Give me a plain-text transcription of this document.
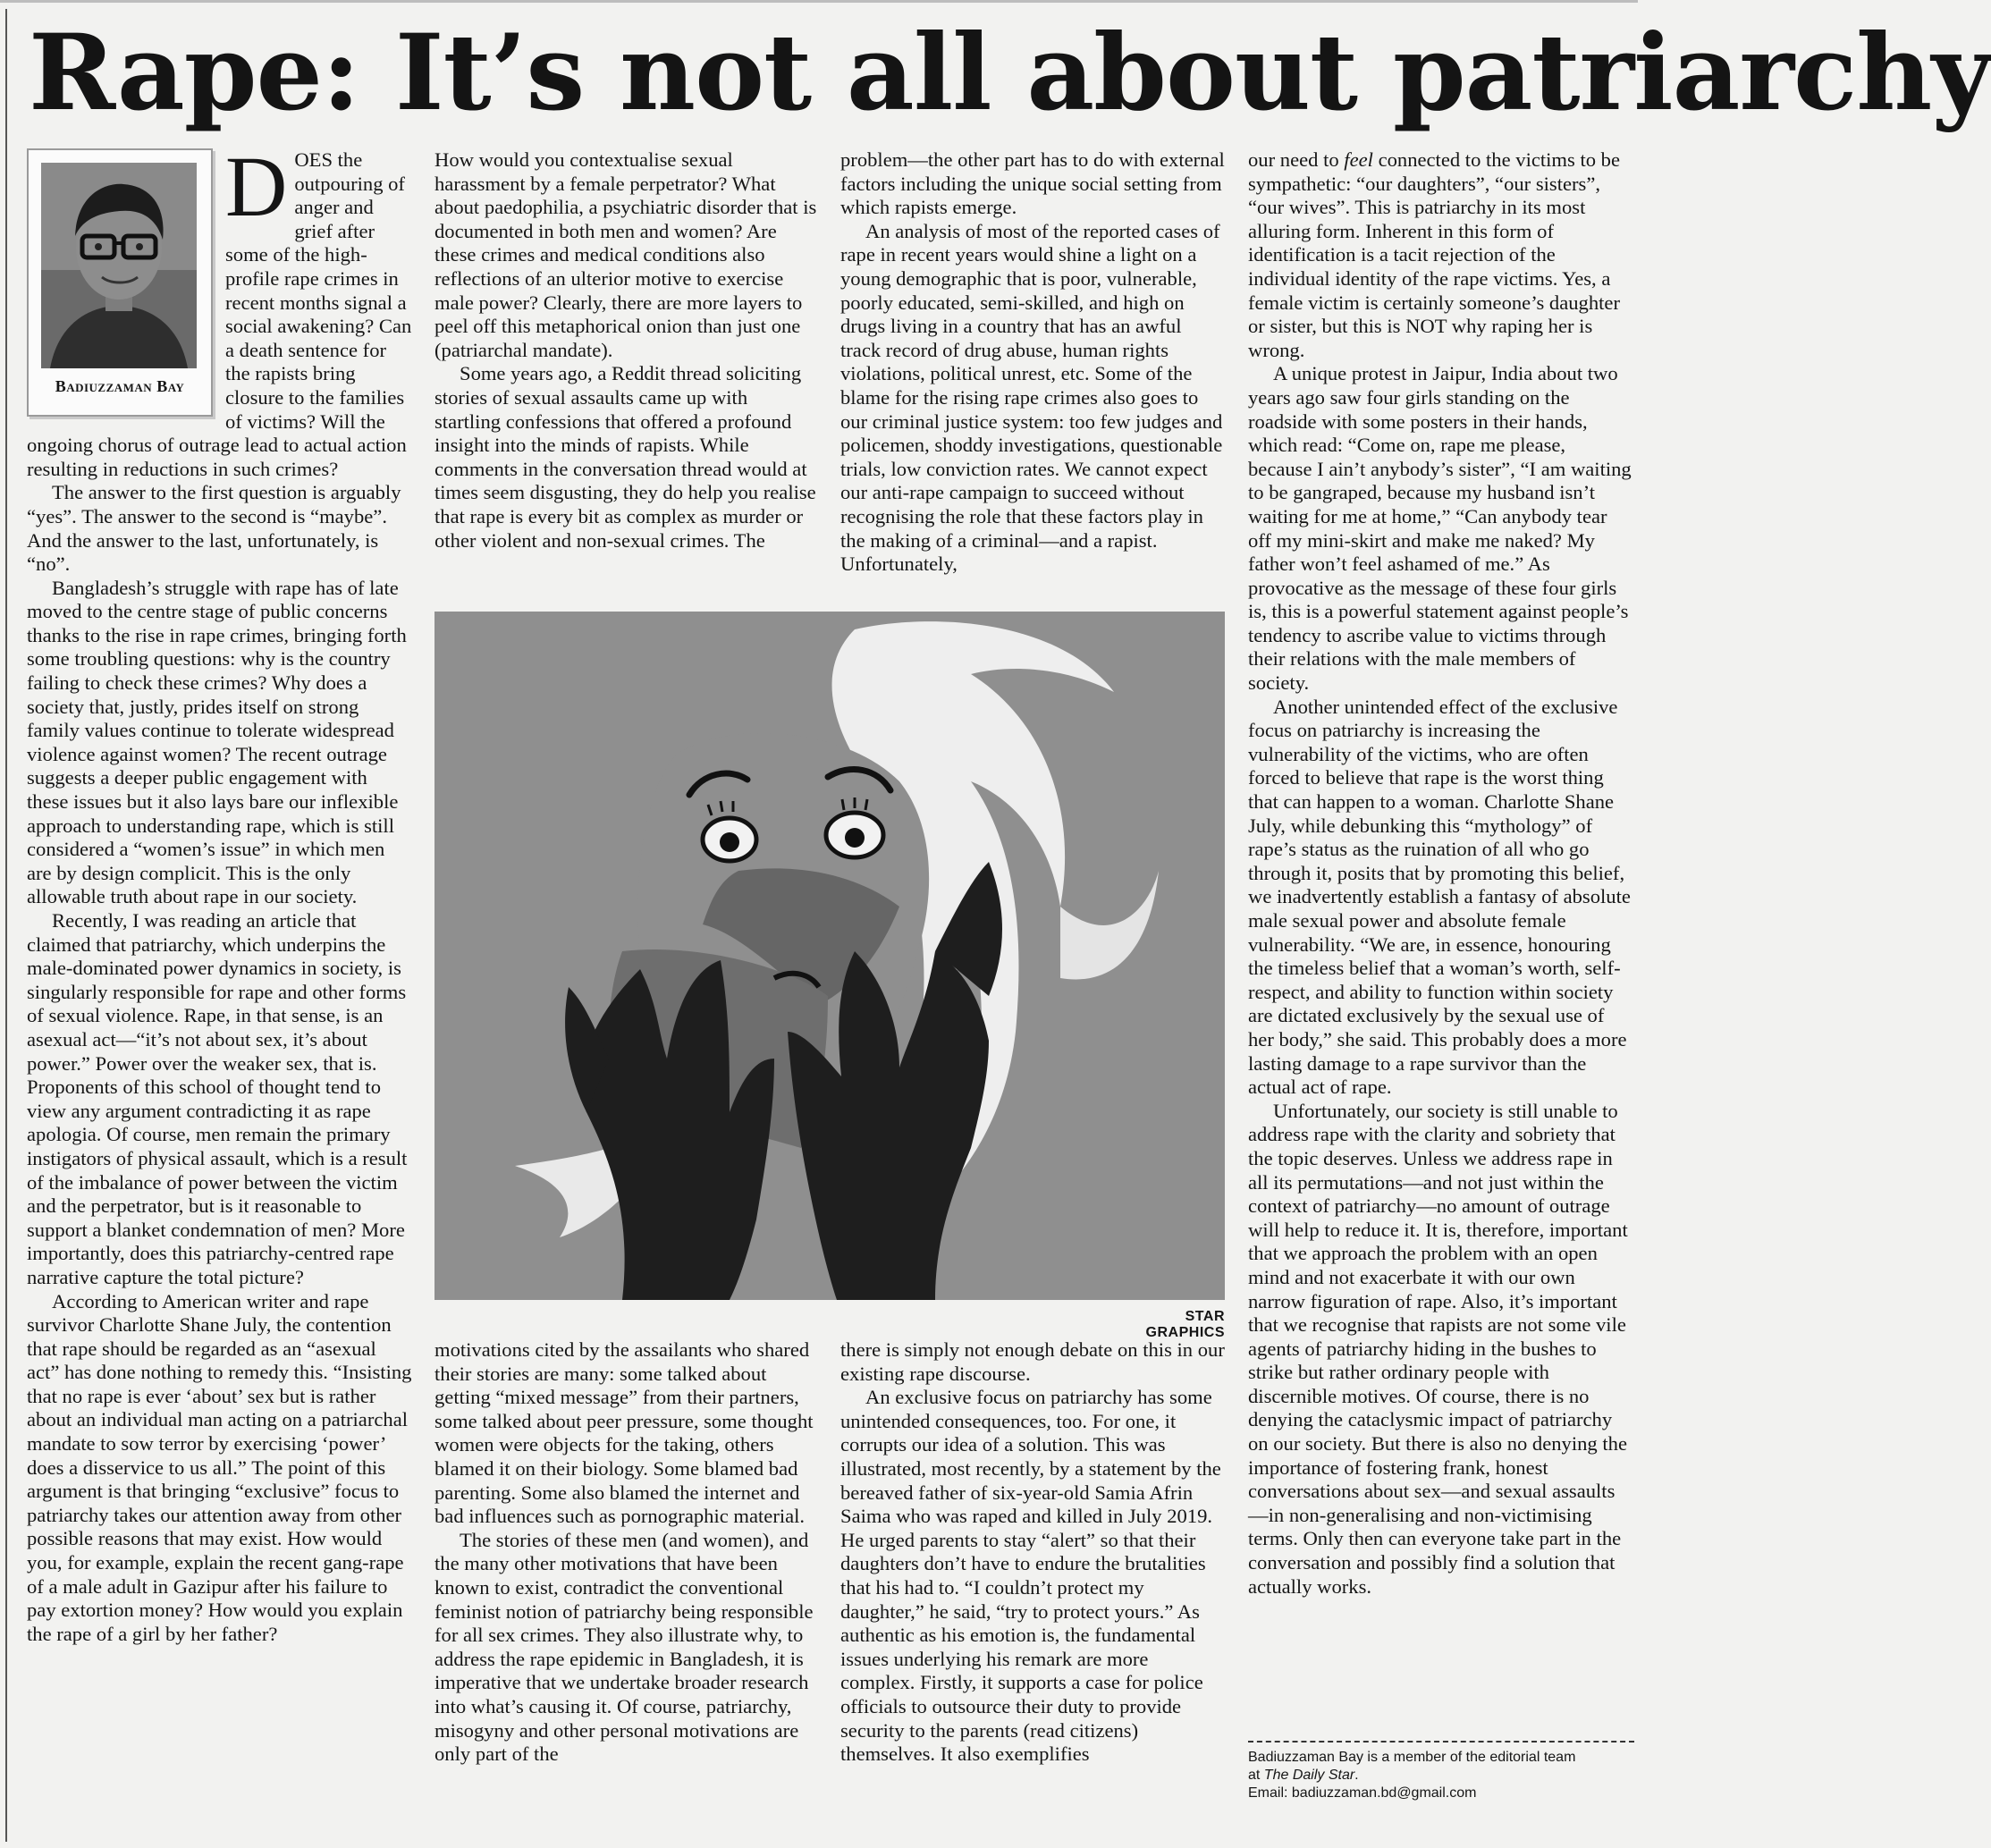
Rape: It’s not all about patriarchy
Badiuzzaman Bay

DOES the outpouring of anger and grief after some of the high-profile rape crimes in recent months signal a social awakening? Can a death sentence for the rapists bring closure to the families of victims? Will the ongoing chorus of outrage lead to actual action resulting in reductions in such crimes?

The answer to the first question is arguably “yes”. The answer to the second is “maybe”. And the answer to the last, unfortunately, is “no”.

Bangladesh’s struggle with rape has of late moved to the centre stage of public concerns thanks to the rise in rape crimes, bringing forth some troubling questions: why is the country failing to check these crimes? Why does a society that, justly, prides itself on strong family values continue to tolerate widespread violence against women? The recent outrage suggests a deeper public engagement with these issues but it also lays bare our inflexible approach to understanding rape, which is still considered a “women’s issue” in which men are by design complicit. This is the only allowable truth about rape in our society.

Recently, I was reading an article that claimed that patriarchy, which underpins the male-dominated power dynamics in society, is singularly responsible for rape and other forms of sexual violence. Rape, in that sense, is an asexual act—“it’s not about sex, it’s about power.” Power over the weaker sex, that is. Proponents of this school of thought tend to view any argument contradicting it as rape apologia. Of course, men remain the primary instigators of physical assault, which is a result of the imbalance of power between the victim and the perpetrator, but is it reasonable to support a blanket condemnation of men? More importantly, does this patriarchy-centred rape narrative capture the total picture?

According to American writer and rape survivor Charlotte Shane July, the contention that rape should be regarded as an “asexual act” has done nothing to remedy this. “Insisting that no rape is ever ‘about’ sex but is rather about an individual man acting on a patriarchal mandate to sow terror by exercising ‘power’ does a disservice to us all.” The point of this argument is that bringing “exclusive” focus to patriarchy takes our attention away from other possible reasons that may exist. How would you, for example, explain the recent gang-rape of a male adult in Gazipur after his failure to pay extortion money? How would you explain the rape of a girl by her father?

How would you contextualise sexual harassment by a female perpetrator? What about paedophilia, a psychiatric disorder that is documented in both men and women? Are these crimes and medical conditions also reflections of an ulterior motive to exercise male power? Clearly, there are more layers to peel off this metaphorical onion than just one (patriarchal mandate).

Some years ago, a Reddit thread soliciting stories of sexual assaults came up with startling confessions that offered a profound insight into the minds of rapists. While comments in the conversation thread would at times seem disgusting, they do help you realise that rape is every bit as complex as murder or other violent and non-sexual crimes. The

problem—the other part has to do with external factors including the unique social setting from which rapists emerge.

An analysis of most of the reported cases of rape in recent years would shine a light on a young demographic that is poor, vulnerable, poorly educated, semi-skilled, and high on drugs living in a country that has an awful track record of drug abuse, human rights violations, political unrest, etc. Some of the blame for the rising rape crimes also goes to our criminal justice system: too few judges and policemen, shoddy investigations, questionable trials, low conviction rates. We cannot expect our anti-rape campaign to succeed without recognising the role that these factors play in the making of a criminal—and a rapist. Unfortunately,

STAR GRAPHICS

motivations cited by the assailants who shared their stories are many: some talked about getting “mixed message” from their partners, some talked about peer pressure, some thought women were objects for the taking, others blamed it on their biology. Some blamed bad parenting. Some also blamed the internet and bad influences such as pornographic material.

The stories of these men (and women), and the many other motivations that have been known to exist, contradict the conventional feminist notion of patriarchy being responsible for all sex crimes. They also illustrate why, to address the rape epidemic in Bangladesh, it is imperative that we undertake broader research into what’s causing it. Of course, patriarchy, misogyny and other personal motivations are only part of the

there is simply not enough debate on this in our existing rape discourse.

An exclusive focus on patriarchy has some unintended consequences, too. For one, it corrupts our idea of a solution. This was illustrated, most recently, by a statement by the bereaved father of six-year-old Samia Afrin Saima who was raped and killed in July 2019. He urged parents to stay “alert” so that their daughters don’t have to endure the brutalities that his had to. “I couldn’t protect my daughter,” he said, “try to protect yours.” As authentic as his emotion is, the fundamental issues underlying his remark are more complex. Firstly, it supports a case for police officials to outsource their duty to provide security to the parents (read citizens) themselves. It also exemplifies

our need to feel connected to the victims to be sympathetic: “our daughters”, “our sisters”, “our wives”. This is patriarchy in its most alluring form. Inherent in this form of identification is a tacit rejection of the individual identity of the rape victims. Yes, a female victim is certainly someone’s daughter or sister, but this is NOT why raping her is wrong.

A unique protest in Jaipur, India about two years ago saw four girls standing on the roadside with some posters in their hands, which read: “Come on, rape me please, because I ain’t anybody’s sister”, “I am waiting to be gangraped, because my husband isn’t waiting for me at home,” “Can anybody tear off my mini-skirt and make me naked? My father won’t feel ashamed of me.” As provocative as the message of these four girls is, this is a powerful statement against people’s tendency to ascribe value to victims through their relations with the male members of society.

Another unintended effect of the exclusive focus on patriarchy is increasing the vulnerability of the victims, who are often forced to believe that rape is the worst thing that can happen to a woman. Charlotte Shane July, while debunking this “mythology” of rape’s status as the ruination of all who go through it, posits that by promoting this belief, we inadvertently establish a fantasy of absolute male sexual power and absolute female vulnerability. “We are, in essence, honouring the timeless belief that a woman’s worth, self-respect, and ability to function within society are dictated exclusively by the sexual use of her body,” she said. This probably does a more lasting damage to a rape survivor than the actual act of rape.

Unfortunately, our society is still unable to address rape with the clarity and sobriety that the topic deserves. Unless we address rape in all its permutations—and not just within the context of patriarchy—no amount of outrage will help to reduce it. It is, therefore, important that we approach the problem with an open mind and not exacerbate it with our own narrow figuration of rape. Also, it’s important that we recognise that rapists are not some vile agents of patriarchy hiding in the bushes to strike but rather ordinary people with discernible motives. Of course, there is no denying the cataclysmic impact of patriarchy on our society. But there is also no denying the importance of fostering frank, honest conversations about sex—and sexual assaults—in non-generalising and non-victimising terms. Only then can everyone take part in the conversation and possibly find a solution that actually works.

Badiuzzaman Bay is a member of the editorial team

at The Daily Star.

Email: badiuzzaman.bd@gmail.com
